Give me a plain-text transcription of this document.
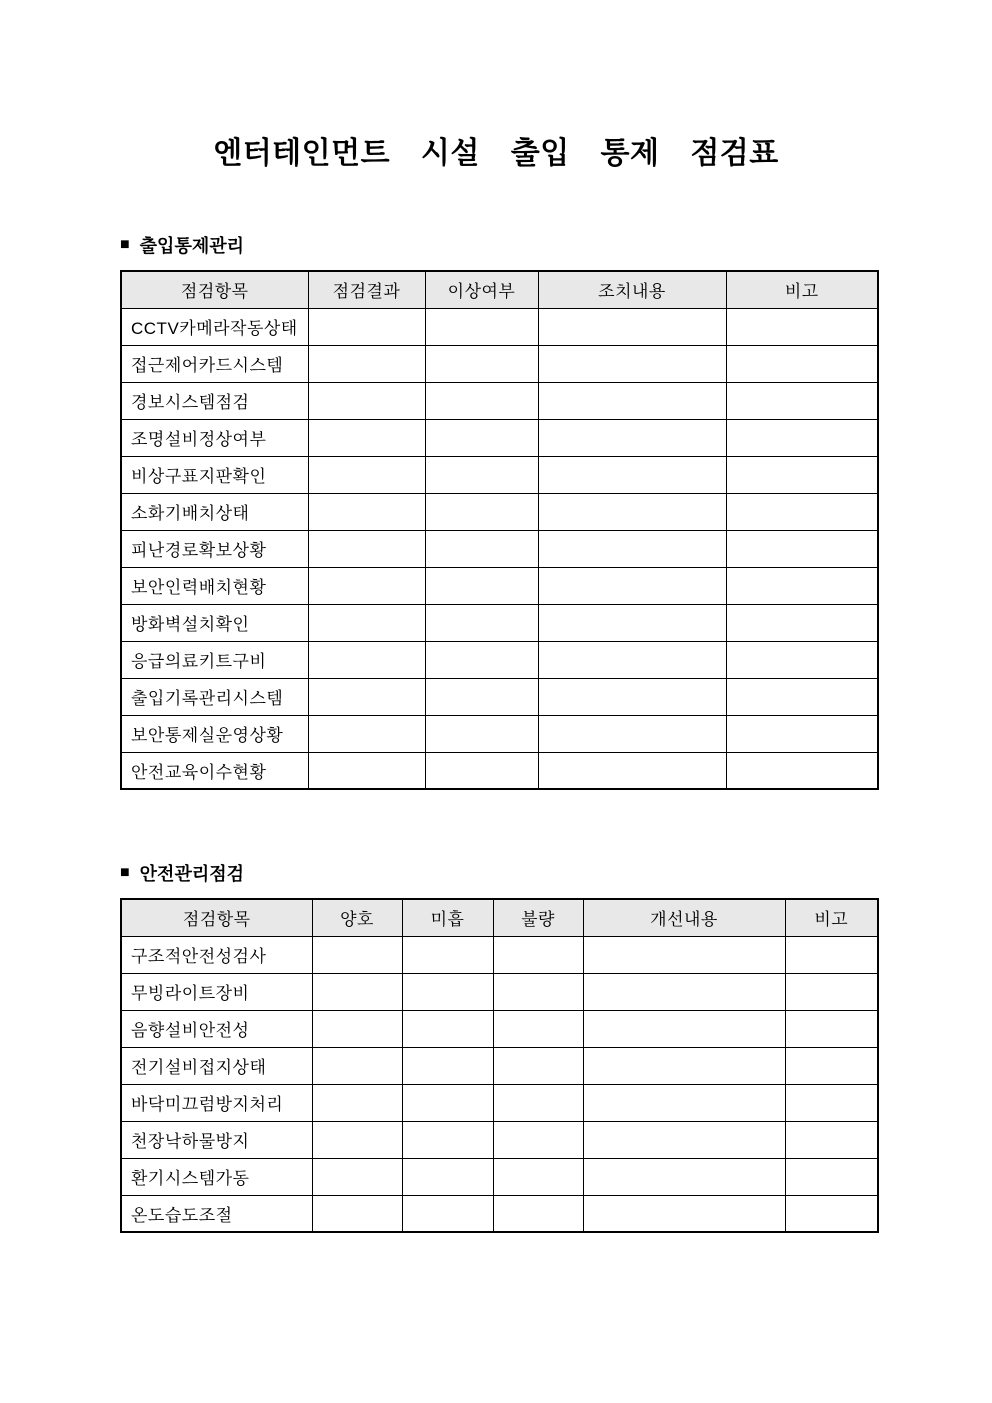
엔터테인먼트 시설 출입 통제 점검표
■ 출입통제관리
점검항목	점검결과	이상여부	조치내용	비고
CCTV카메라작동상태				
접근제어카드시스템				
경보시스템점검				
조명설비정상여부				
비상구표지판확인				
소화기배치상태				
피난경로확보상황				
보안인력배치현황				
방화벽설치확인				
응급의료키트구비				
출입기록관리시스템				
보안통제실운영상황				
안전교육이수현황				
■ 안전관리점검
점검항목	양호	미흡	불량	개선내용	비고
구조적안전성검사					
무빙라이트장비					
음향설비안전성					
전기설비접지상태					
바닥미끄럼방지처리					
천장낙하물방지					
환기시스템가동					
온도습도조절					
